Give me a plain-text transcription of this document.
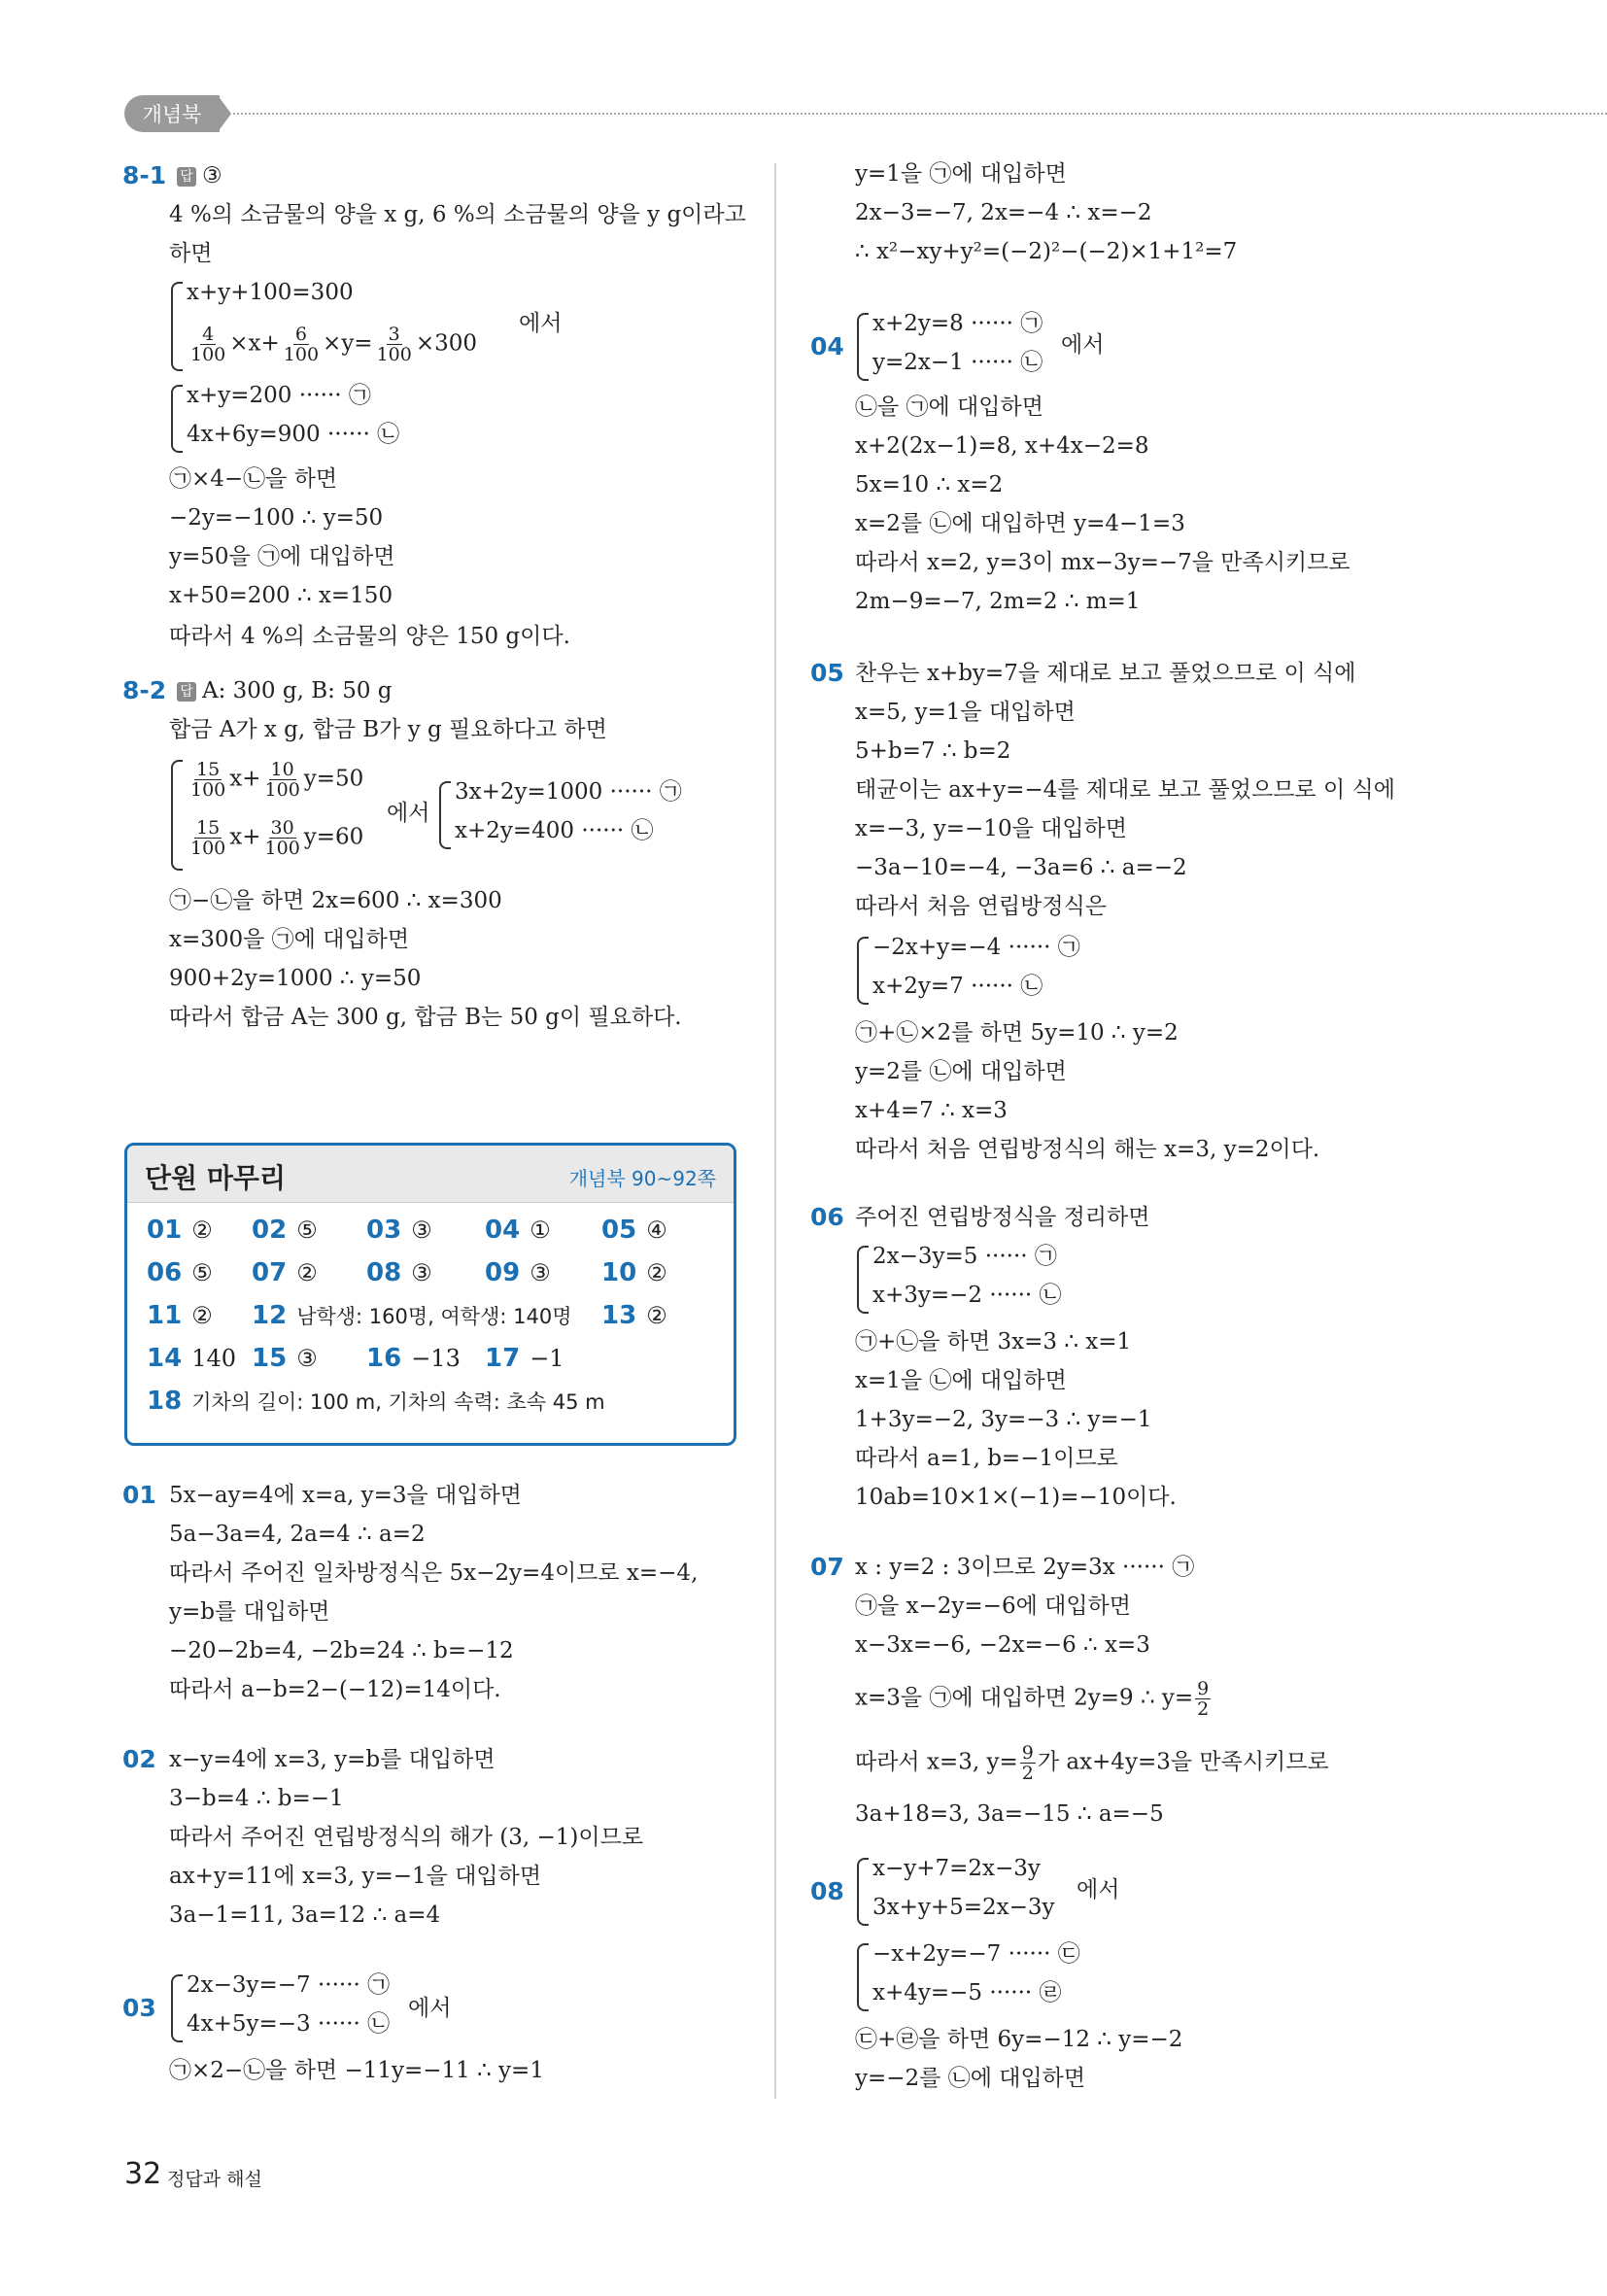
개념북
8-1	답 ③
4 %의 소금물의 양을 x g, 6 %의 소금물의 양을 y g이라고
하면
x+y+100=300
$\frac{4}{100} \times x+ \frac{6}{100} \times y= \frac{3}{100} \times 300$
에서
x+y=200 ······ ㉠
4x+6y=900 ······ ㉡
㉠×4−㉡을 하면
−2y=−100 ∴ y=50
y=50을 ㉠에 대입하면
x+50=200 ∴ x=150
따라서 4 %의 소금물의 양은 150 g이다.
8-2	답 A: 300 g, B: 50 g
합금 A가 x g, 합금 B가 y g 필요하다고 하면
$\frac{15}{100} x+ \frac{10}{100} y=50$
$\frac{15}{100} x+ \frac{30}{100} y=60$
에서
3x+2y=1000 ······ ㉠
x+2y=400 ······ ㉡
㉠−㉡을 하면 2x=600 ∴ x=300
x=300을 ㉠에 대입하면
900+2y=1000 ∴ y=50
따라서 합금 A는 300 g, 합금 B는 50 g이 필요하다.
단원 마무리	개념북 90~92쪽
01 ② 02 ⑤ 03 ③ 04 ① 05 ④
06 ⑤ 07 ② 08 ③ 09 ③ 10 ②
11 ② 12 남학생: 160명, 여학생: 140명 13 ②
14 140 15 ③ 16 −13 17 −1
18 기차의 길이: 100 m, 기차의 속력: 초속 45 m
01 5x−ay=4에 x=a, y=3을 대입하면
5a−3a=4, 2a=4 ∴ a=2
따라서 주어진 일차방정식은 5x−2y=4이므로 x=−4,
y=b를 대입하면
−20−2b=4, −2b=24 ∴ b=−12
따라서 a−b=2−(−12)=14이다.
02 x−y=4에 x=3, y=b를 대입하면
3−b=4 ∴ b=−1
따라서 주어진 연립방정식의 해가 (3, −1)이므로
ax+y=11에 x=3, y=−1을 대입하면
3a−1=11, 3a=12 ∴ a=4
03
2x−3y=−7 ······ ㉠
4x+5y=−3 ······ ㉡
에서
㉠×2−㉡을 하면 −11y=−11 ∴ y=1
y=1을 ㉠에 대입하면
2x−3=−7, 2x=−4 ∴ x=−2
∴ x²−xy+y²=(−2)²−(−2)×1+1²=7
04
x+2y=8 ······ ㉠
y=2x−1 ······ ㉡
에서
㉡을 ㉠에 대입하면
x+2(2x−1)=8, x+4x−2=8
5x=10 ∴ x=2
x=2를 ㉡에 대입하면 y=4−1=3
따라서 x=2, y=3이 mx−3y=−7을 만족시키므로
2m−9=−7, 2m=2 ∴ m=1
05 찬우는 x+by=7을 제대로 보고 풀었으므로 이 식에
x=5, y=1을 대입하면
5+b=7 ∴ b=2
태균이는 ax+y=−4를 제대로 보고 풀었으므로 이 식에
x=−3, y=−10을 대입하면
−3a−10=−4, −3a=6 ∴ a=−2
따라서 처음 연립방정식은
−2x+y=−4 ······ ㉠
x+2y=7 ······ ㉡
㉠+㉡×2를 하면 5y=10 ∴ y=2
y=2를 ㉡에 대입하면
x+4=7 ∴ x=3
따라서 처음 연립방정식의 해는 x=3, y=2이다.
06 주어진 연립방정식을 정리하면
2x−3y=5 ······ ㉠
x+3y=−2 ······ ㉡
㉠+㉡을 하면 3x=3 ∴ x=1
x=1을 ㉡에 대입하면
1+3y=−2, 3y=−3 ∴ y=−1
따라서 a=1, b=−1이므로
10ab=10×1×(−1)=−10이다.
07 x : y=2 : 3이므로 2y=3x ······ ㉠
㉠을 x−2y=−6에 대입하면
x−3x=−6, −2x=−6 ∴ x=3
x=3을 ㉠에 대입하면 2y=9 ∴ $y= \frac{9}{2}$
따라서 x=3, $y= \frac{9}{2}$ 가 ax+4y=3을 만족시키므로
3a+18=3, 3a=−15 ∴ a=−5
08
x−y+7=2x−3y
3x+y+5=2x−3y
에서
−x+2y=−7 ······ ㉢
x+4y=−5 ······ ㉣
㉢+㉣을 하면 6y=−12 ∴ y=−2
y=−2를 ㉡에 대입하면
32 정답과 해설
